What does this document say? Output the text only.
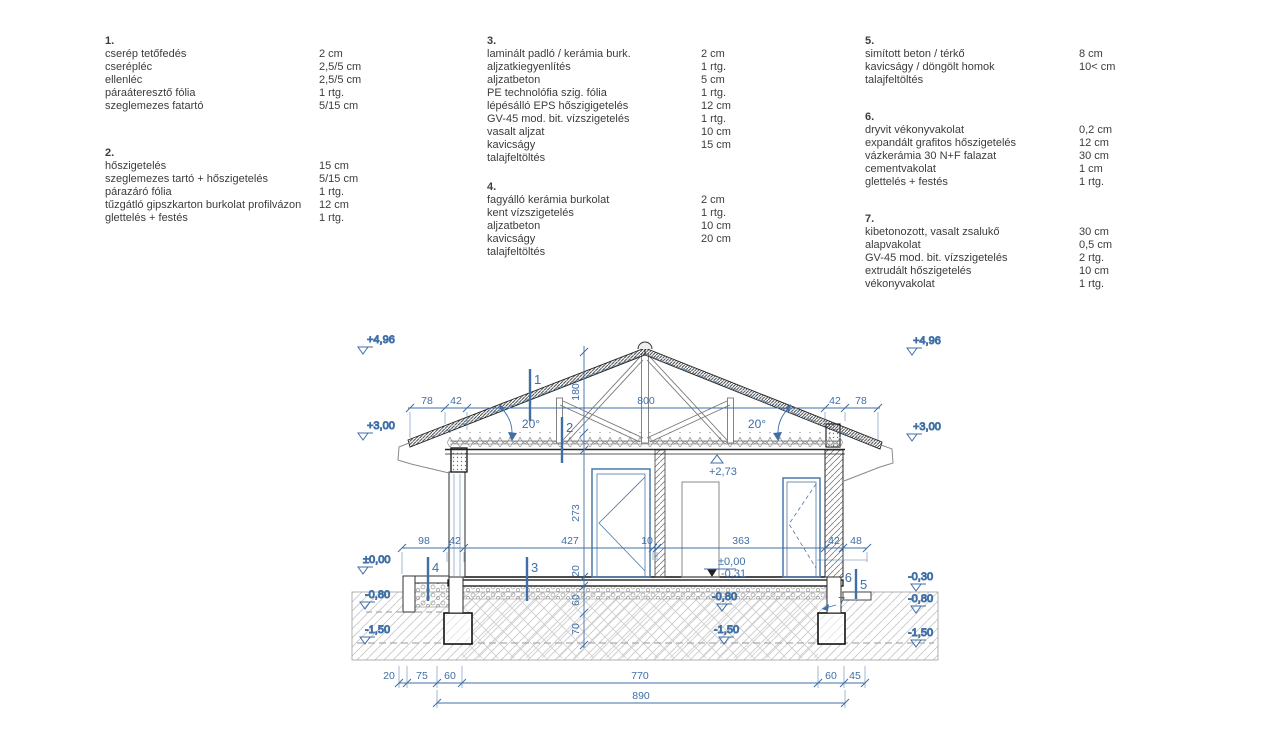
1.
cserép tetőfedés	2 cm
cserépléc	2,5/5 cm
ellenléc	2,5/5 cm
páraáteresztő fólia	1 rtg.
szeglemezes fatartó	5/15 cm
2.
hőszigetelés	15 cm
szeglemezes tartó + hőszigetelés	5/15 cm
párazáró fólia	1 rtg.
tűzgátló gipszkarton burkolat profilvázon	12 cm
glettelés + festés	1 rtg.
3.
laminált padló / kerámia burk.	2 cm
aljzatkiegyenlítés	1 rtg.
aljzatbeton	5 cm
PE technolófia szig. fólia	1 rtg.
lépésálló EPS hőszigigetelés	12 cm
GV-45 mod. bit. vízszigetelés	1 rtg.
vasalt aljzat	10 cm
kavicságy	15 cm
talajfeltöltés
4.
fagyálló kerámia burkolat	2 cm
kent vízszigetelés	1 rtg.
aljzatbeton	10 cm
kavicságy	20 cm
talajfeltöltés
5.
simított beton / térkő	8 cm
kavicságy / döngölt homok	10< cm
talajfeltöltés
6.
dryvit vékonyvakolat	0,2 cm
expandált grafitos hőszigetelés	12 cm
vázkerámia 30 N+F falazat	30 cm
cementvakolat	1 cm
glettelés + festés	1 rtg.
7.
kibetonozott, vasalt zsalukő	30 cm
alapvakolat	0,5 cm
GV-45 mod. bit. vízszigetelés	2 rtg.
extrudált hőszigetelés	10 cm
vékonyvakolat	1 rtg.
20°	20°
78 42	800	42 78
180
273
20
60
70
98 42	427	10	363	42 48
20 75 60	770	60 45
890
+4,96
+3,00
±0,00
-0,80
-1,50
+4,96
+3,00
-0,30
-0,80
-1,50
-0,80
-1,50
±0,00
-0,31
+2,73
1
2
3
4
6 5
7
